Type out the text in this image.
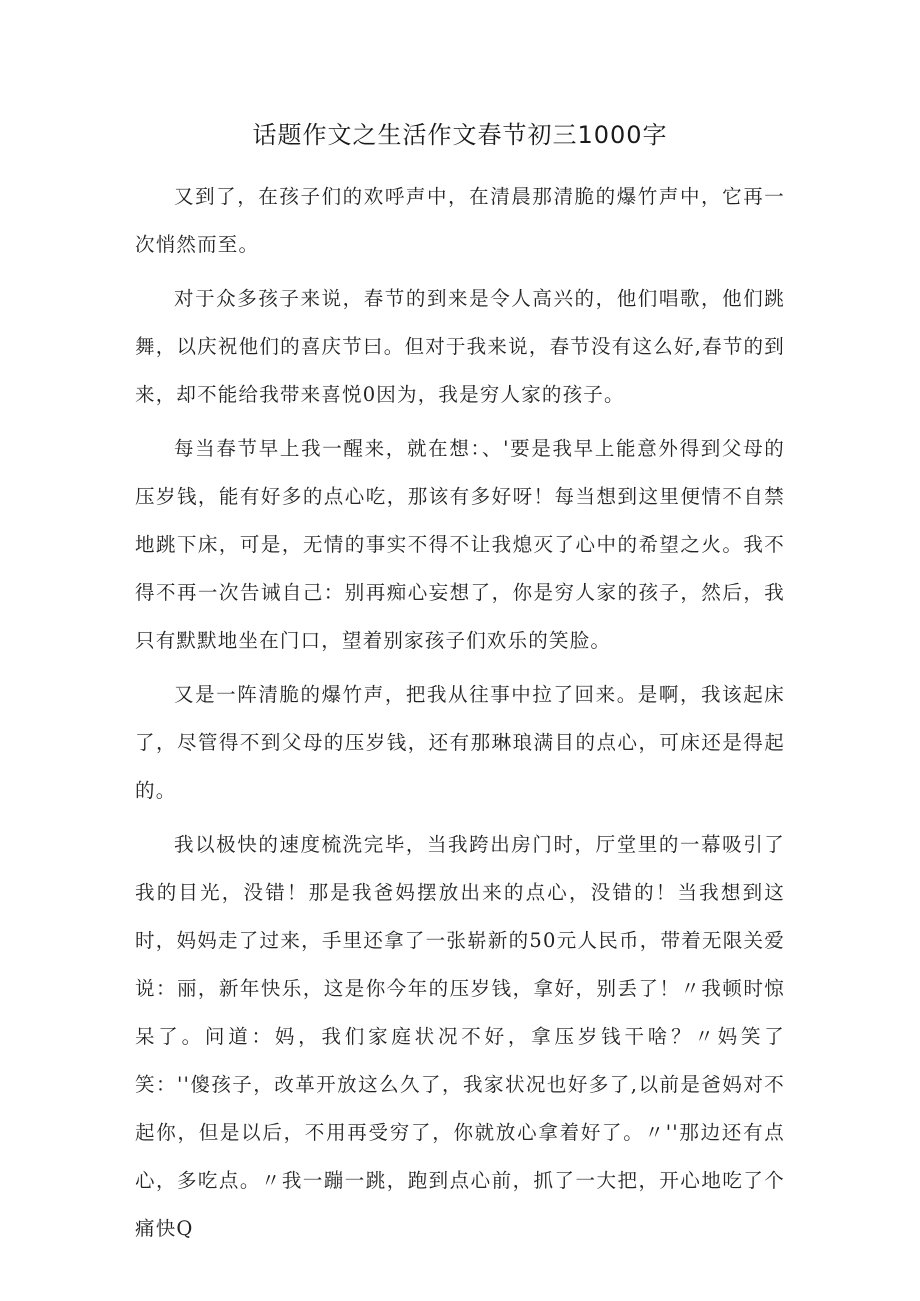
话题作文之生活作文春节初三1000字

又到了，在孩子们的欢呼声中，在清晨那清脆的爆竹声中，它再一次悄然而至。

对于众多孩子来说，春节的到来是令人高兴的，他们唱歌，他们跳舞，以庆祝他们的喜庆节曰。但对于我来说，春节没有这么好,春节的到来，却不能给我带来喜悦0因为，我是穷人家的孩子。

每当春节早上我一醒来，就在想：、'要是我早上能意外得到父母的压岁钱，能有好多的点心吃，那该有多好呀！每当想到这里便情不自禁地跳下床，可是，无情的事实不得不让我熄灭了心中的希望之火。我不得不再一次告诫自己：别再痴心妄想了，你是穷人家的孩子，然后，我只有默默地坐在门口，望着别家孩子们欢乐的笑脸。

又是一阵清脆的爆竹声，把我从往事中拉了回来。是啊，我该起床了，尽管得不到父母的压岁钱，还有那琳琅满目的点心，可床还是得起的。

我以极快的速度梳洗完毕，当我跨出房门时，厅堂里的一幕吸引了我的目光，没错！那是我爸妈摆放出来的点心，没错的！当我想到这时，妈妈走了过来，手里还拿了一张崭新的50元人民币，带着无限关爱说：丽，新年快乐，这是你今年的压岁钱，拿好，别丢了！〃我顿时惊呆了。问道：妈，我们家庭状况不好，拿压岁钱干啥？〃妈笑了笑：''傻孩子，改革开放这么久了，我家状况也好多了,以前是爸妈对不起你，但是以后，不用再受穷了，你就放心拿着好了。〃''那边还有点心，多吃点。〃我一蹦一跳，跑到点心前，抓了一大把，开心地吃了个痛快Q
